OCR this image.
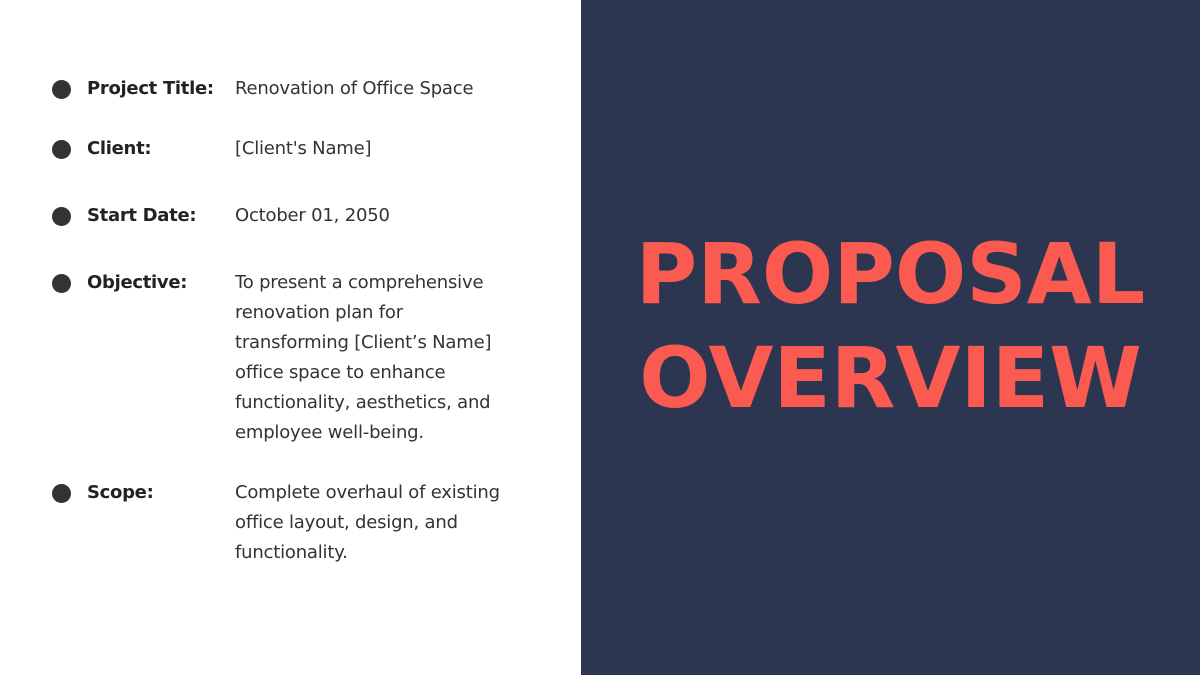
Project Title: Renovation of Office Space
Client:	[Client's Name]
Start Date: October 01, 2050
Objective:	To present a comprehensive
renovation plan for
transforming [Client’s Name]
office space to enhance
functionality, aesthetics, and
employee well-being.
Scope:	Complete overhaul of existing
office layout, design, and
functionality.
PROPOSAL
OVERVIEW
